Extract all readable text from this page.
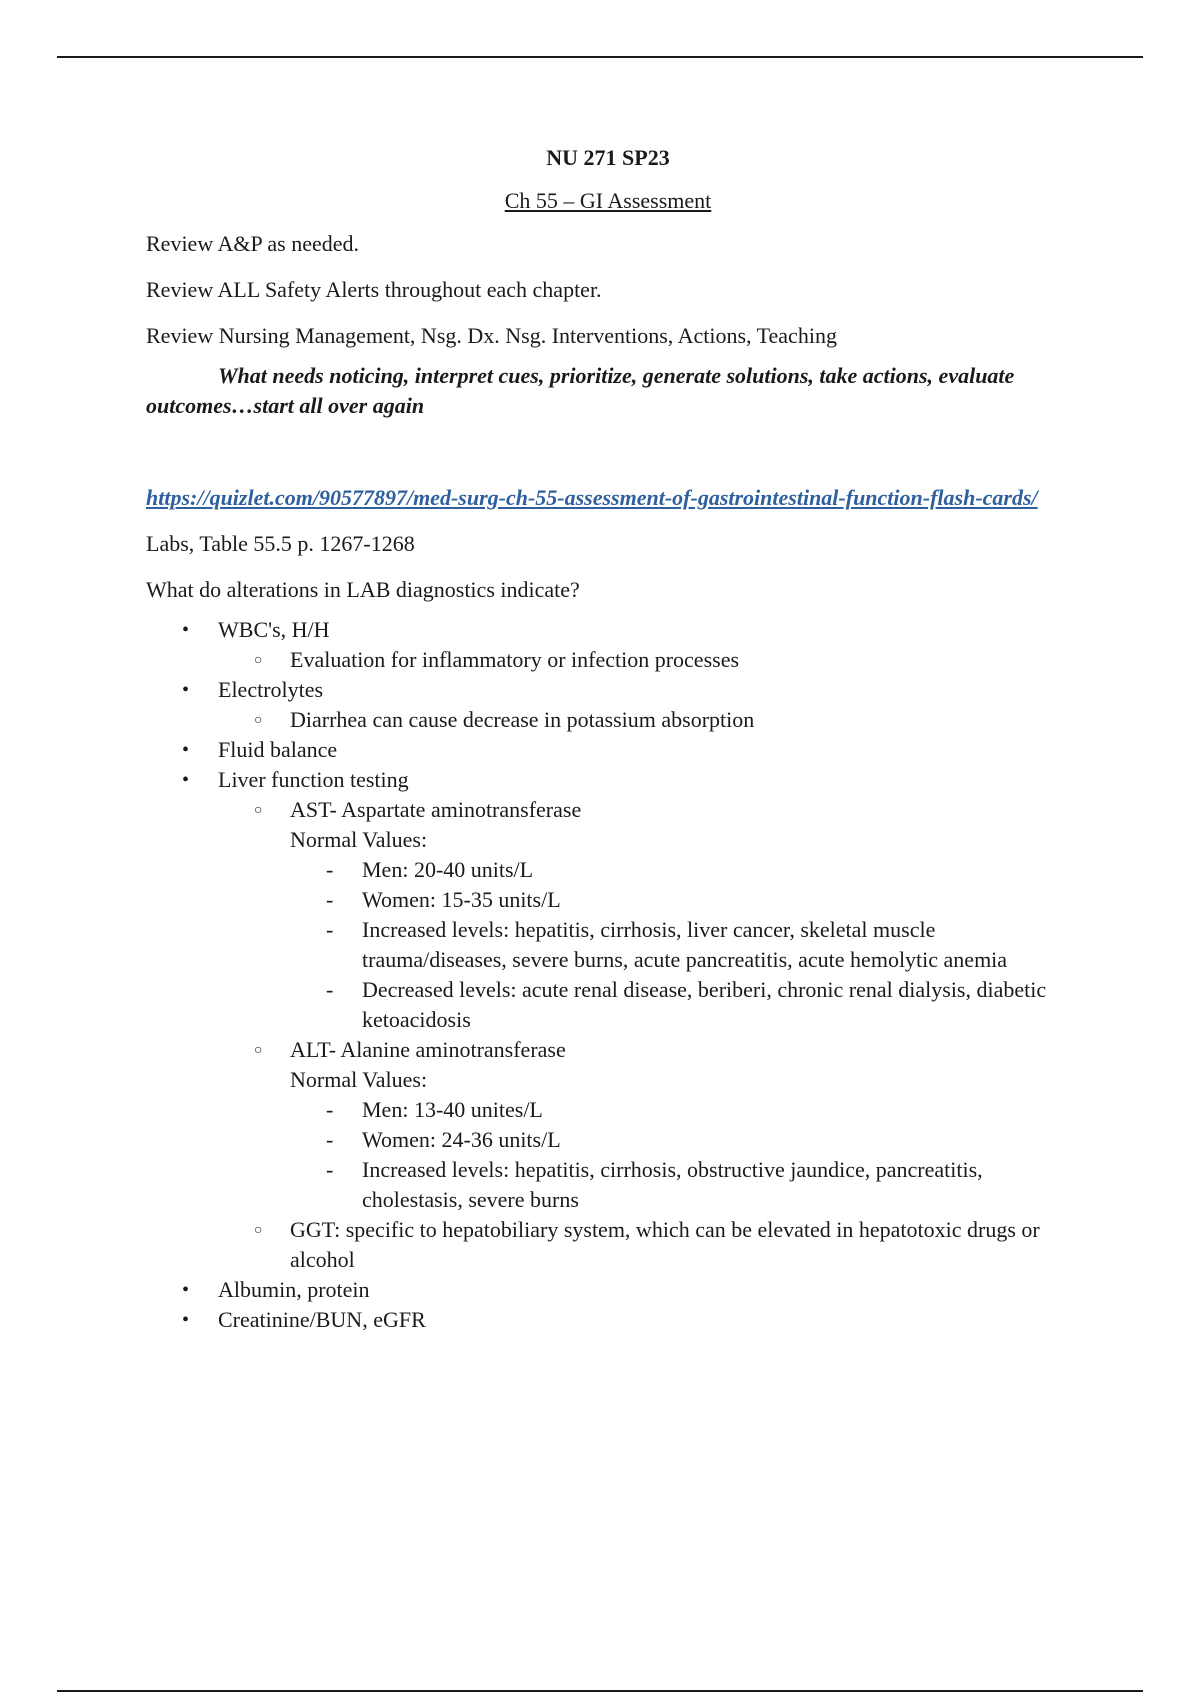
NU 271 SP23
Ch 55 – GI Assessment
Review A&P as needed.
Review ALL Safety Alerts throughout each chapter.
Review Nursing Management, Nsg. Dx. Nsg. Interventions, Actions, Teaching
What needs noticing, interpret cues, prioritize, generate solutions, take actions, evaluate outcomes…start all over again
https://quizlet.com/90577897/med-surg-ch-55-assessment-of-gastrointestinal-function-flash-cards/
Labs, Table 55.5 p. 1267-1268
What do alterations in LAB diagnostics indicate?
• WBC's, H/H
○ Evaluation for inflammatory or infection processes
• Electrolytes
○ Diarrhea can cause decrease in potassium absorption
• Fluid balance
• Liver function testing
○ AST- Aspartate aminotransferase
Normal Values:
- Men: 20-40 units/L
- Women: 15-35 units/L
- Increased levels: hepatitis, cirrhosis, liver cancer, skeletal muscle trauma/diseases, severe burns, acute pancreatitis, acute hemolytic anemia
- Decreased levels: acute renal disease, beriberi, chronic renal dialysis, diabetic ketoacidosis
○ ALT- Alanine aminotransferase
Normal Values:
- Men: 13-40 unites/L
- Women: 24-36 units/L
- Increased levels: hepatitis, cirrhosis, obstructive jaundice, pancreatitis, cholestasis, severe burns
○ GGT: specific to hepatobiliary system, which can be elevated in hepatotoxic drugs or alcohol
• Albumin, protein
• Creatinine/BUN, eGFR
